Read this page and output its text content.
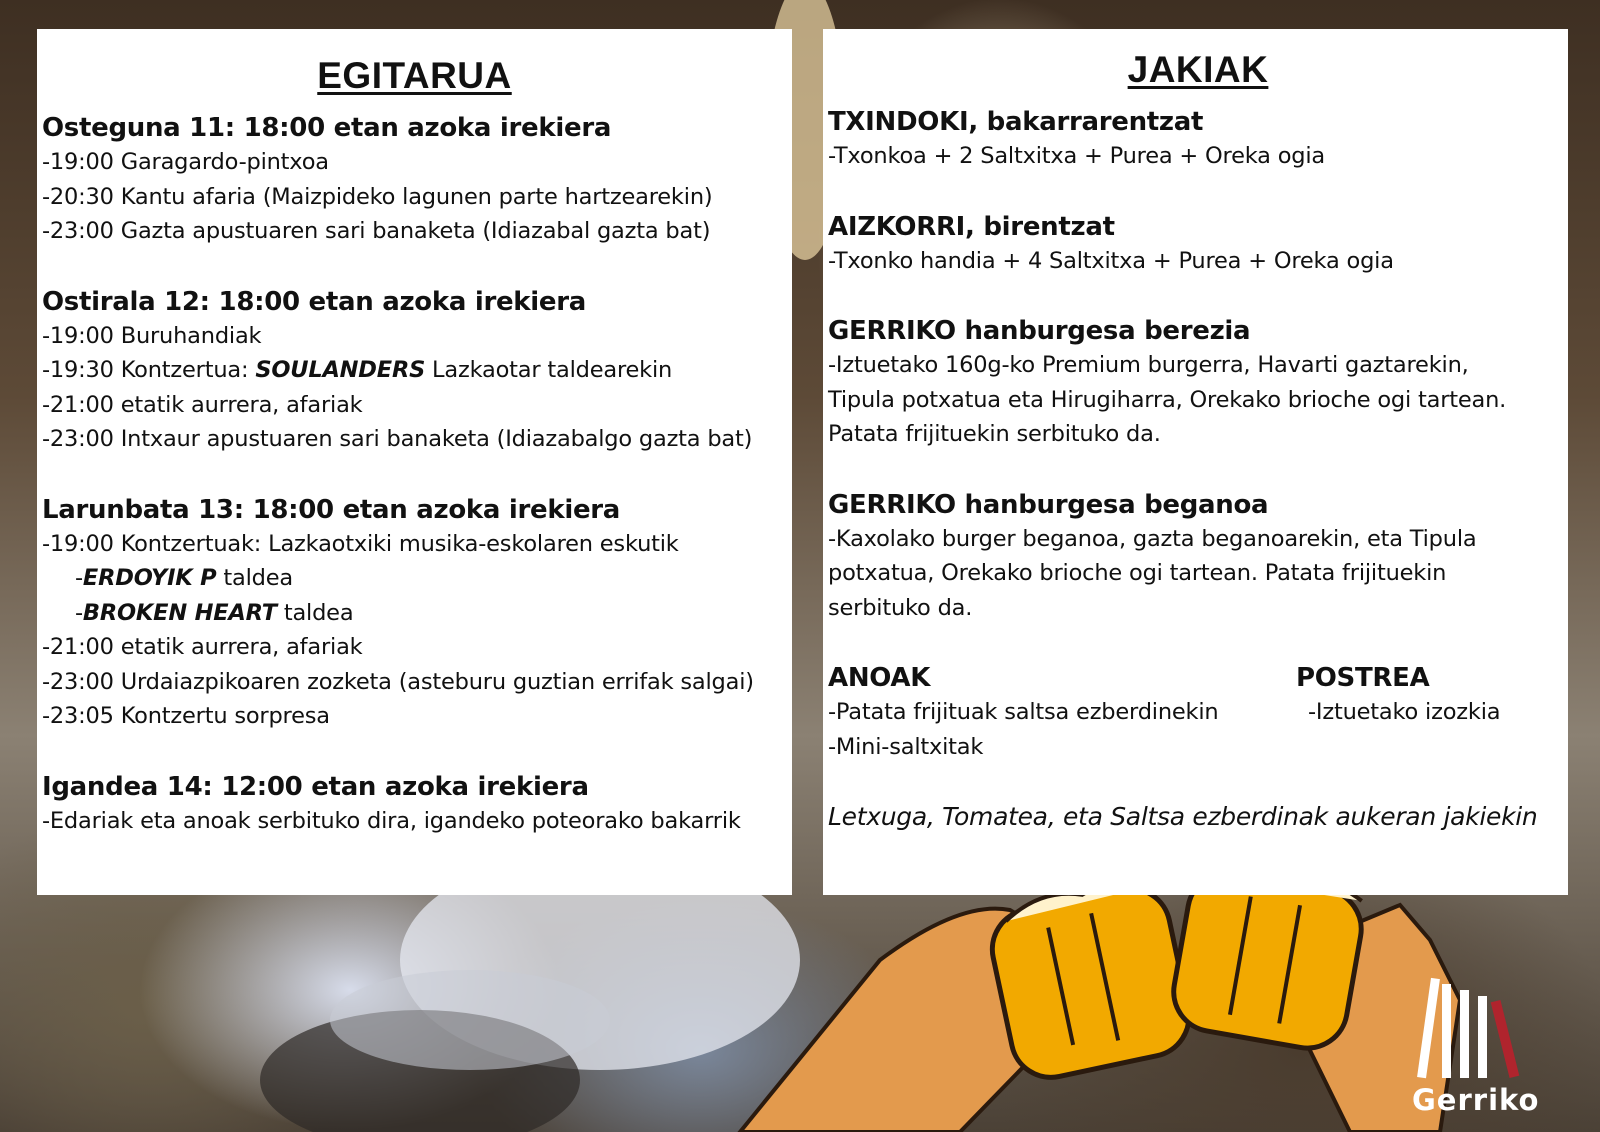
EGITARUA
Osteguna 11: 18:00 etan azoka irekiera
-19:00 Garagardo-pintxoa
-20:30 Kantu afaria (Maizpideko lagunen parte hartzearekin)
-23:00 Gazta apustuaren sari banaketa (Idiazabal gazta bat)
Ostirala 12: 18:00 etan azoka irekiera
-19:00 Buruhandiak
-19:30 Kontzertua: SOULANDERS Lazkaotar taldearekin
-21:00 etatik aurrera, afariak
-23:00 Intxaur apustuaren sari banaketa (Idiazabalgo gazta bat)
Larunbata 13: 18:00 etan azoka irekiera
-19:00 Kontzertuak: Lazkaotxiki musika-eskolaren eskutik
-ERDOYIK P taldea
-BROKEN HEART taldea
-21:00 etatik aurrera, afariak
-23:00 Urdaiazpikoaren zozketa (asteburu guztian errifak salgai)
-23:05 Kontzertu sorpresa
Igandea 14: 12:00 etan azoka irekiera
-Edariak eta anoak serbituko dira, igandeko poteorako bakarrik
JAKIAK
TXINDOKI, bakarrarentzat
-Txonkoa + 2 Saltxitxa + Purea + Oreka ogia
AIZKORRI, birentzat
-Txonko handia + 4 Saltxitxa + Purea + Oreka ogia
GERRIKO hanburgesa berezia
-Iztuetako 160g-ko Premium burgerra, Havarti gaztarekin,
Tipula potxatua eta Hirugiharra, Orekako brioche ogi tartean.
Patata frijituekin serbituko da.
GERRIKO hanburgesa beganoa
-Kaxolako burger beganoa, gazta beganoarekin, eta Tipula
potxatua, Orekako brioche ogi tartean. Patata frijituekin
serbituko da.
ANOAK
-Patata frijituak saltsa ezberdinekin
-Mini-saltxitak
POSTREA
-Iztuetako izozkia
Letxuga, Tomatea, eta Saltsa ezberdinak aukeran jakiekin
Gerriko
